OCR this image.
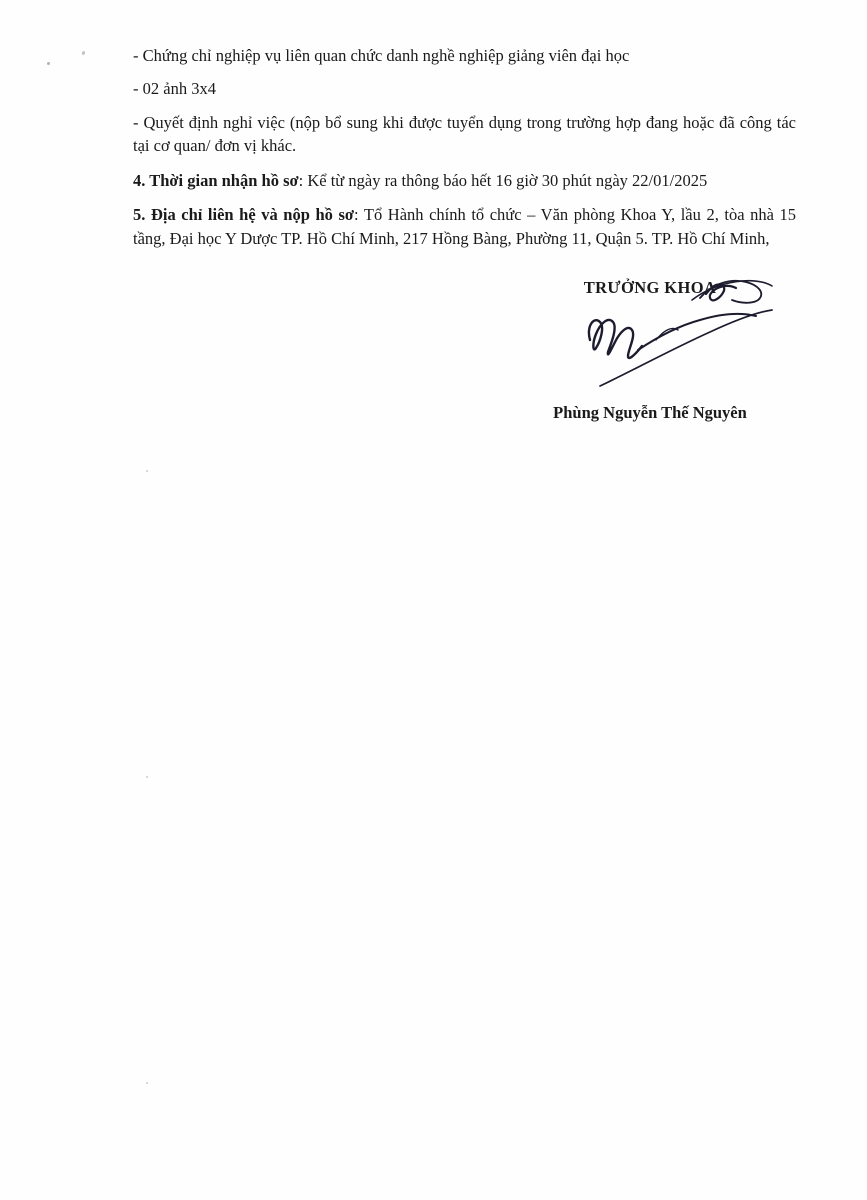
- Chứng chỉ nghiệp vụ liên quan chức danh nghề nghiệp giảng viên đại học

- 02 ảnh 3x4

- Quyết định nghỉ việc (nộp bổ sung khi được tuyển dụng trong trường hợp đang hoặc đã công tác tại cơ quan/ đơn vị khác.

4. Thời gian nhận hồ sơ: Kể từ ngày ra thông báo hết 16 giờ 30 phút ngày 22/01/2025

5. Địa chỉ liên hệ và nộp hồ sơ: Tổ Hành chính tổ chức – Văn phòng Khoa Y, lầu 2, tòa nhà 15 tầng, Đại học Y Dược TP. Hồ Chí Minh, 217 Hồng Bàng, Phường 11, Quận 5. TP. Hồ Chí Minh,

TRƯỞNG KHOA
Phùng Nguyễn Thế Nguyên
